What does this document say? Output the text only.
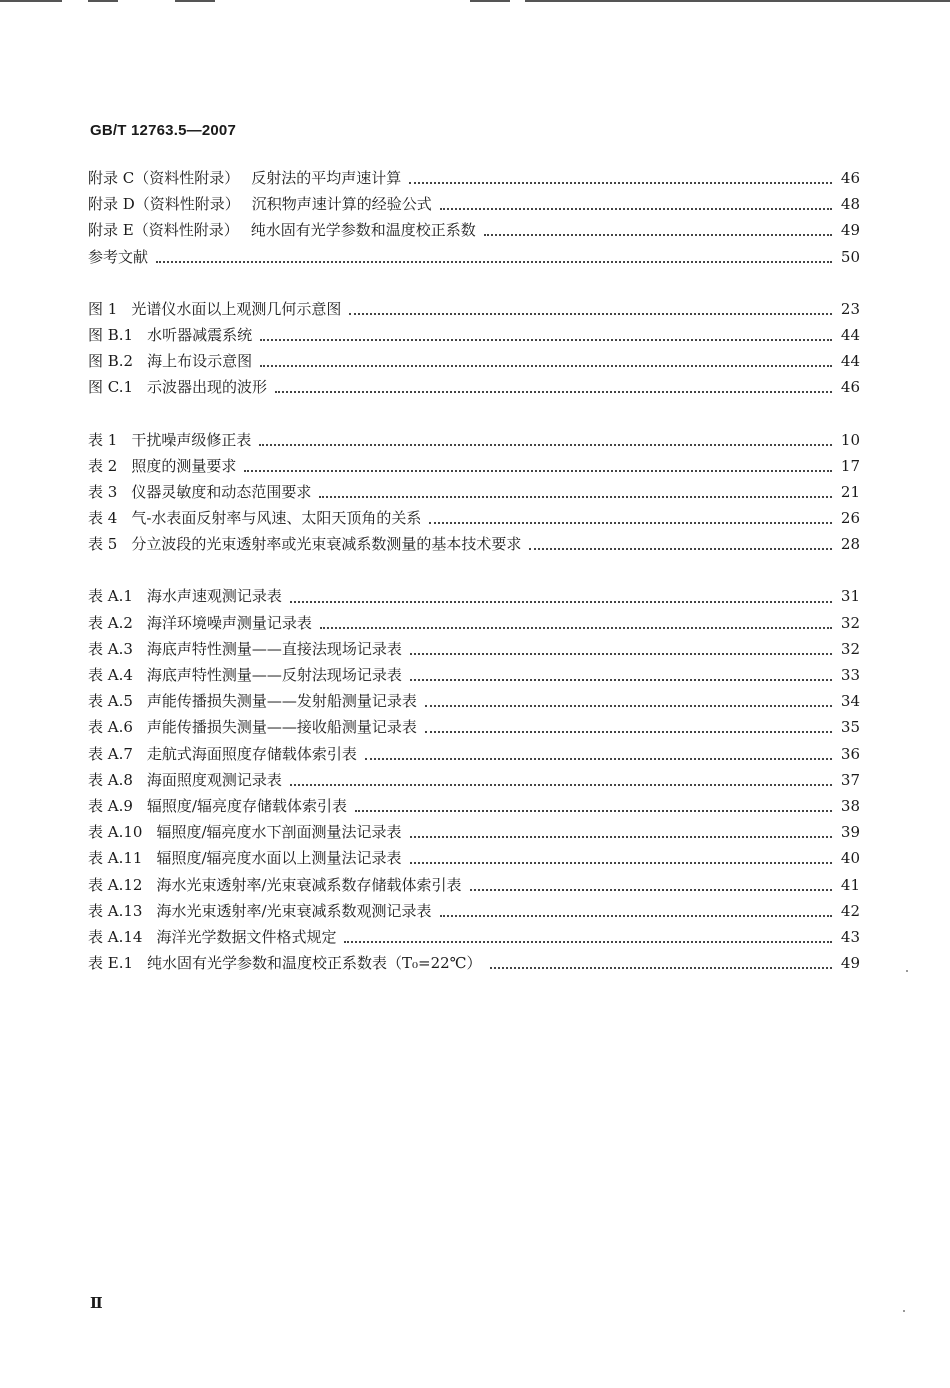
GB/T 12763.5—2007
附录 C（资料性附录） 反射法的平均声速计算	46
附录 D（资料性附录） 沉积物声速计算的经验公式	48
附录 E（资料性附录） 纯水固有光学参数和温度校正系数	49
参考文献	50
图 1 光谱仪水面以上观测几何示意图	23
图 B.1 水听器减震系统	44
图 B.2 海上布设示意图	44
图 C.1 示波器出现的波形	46
表 1 干扰噪声级修正表	10
表 2 照度的测量要求	17
表 3 仪器灵敏度和动态范围要求	21
表 4 气-水表面反射率与风速、太阳天顶角的关系	26
表 5 分立波段的光束透射率或光束衰减系数测量的基本技术要求	28
表 A.1 海水声速观测记录表	31
表 A.2 海洋环境噪声测量记录表	32
表 A.3 海底声特性测量——直接法现场记录表	32
表 A.4 海底声特性测量——反射法现场记录表	33
表 A.5 声能传播损失测量——发射船测量记录表	34
表 A.6 声能传播损失测量——接收船测量记录表	35
表 A.7 走航式海面照度存储载体索引表	36
表 A.8 海面照度观测记录表	37
表 A.9 辐照度/辐亮度存储载体索引表	38
表 A.10 辐照度/辐亮度水下剖面测量法记录表	39
表 A.11 辐照度/辐亮度水面以上测量法记录表	40
表 A.12 海水光束透射率/光束衰减系数存储载体索引表	41
表 A.13 海水光束透射率/光束衰减系数观测记录表	42
表 A.14 海洋光学数据文件格式规定	43
表 E.1 纯水固有光学参数和温度校正系数表（T₀=22℃）	49
Ⅱ
